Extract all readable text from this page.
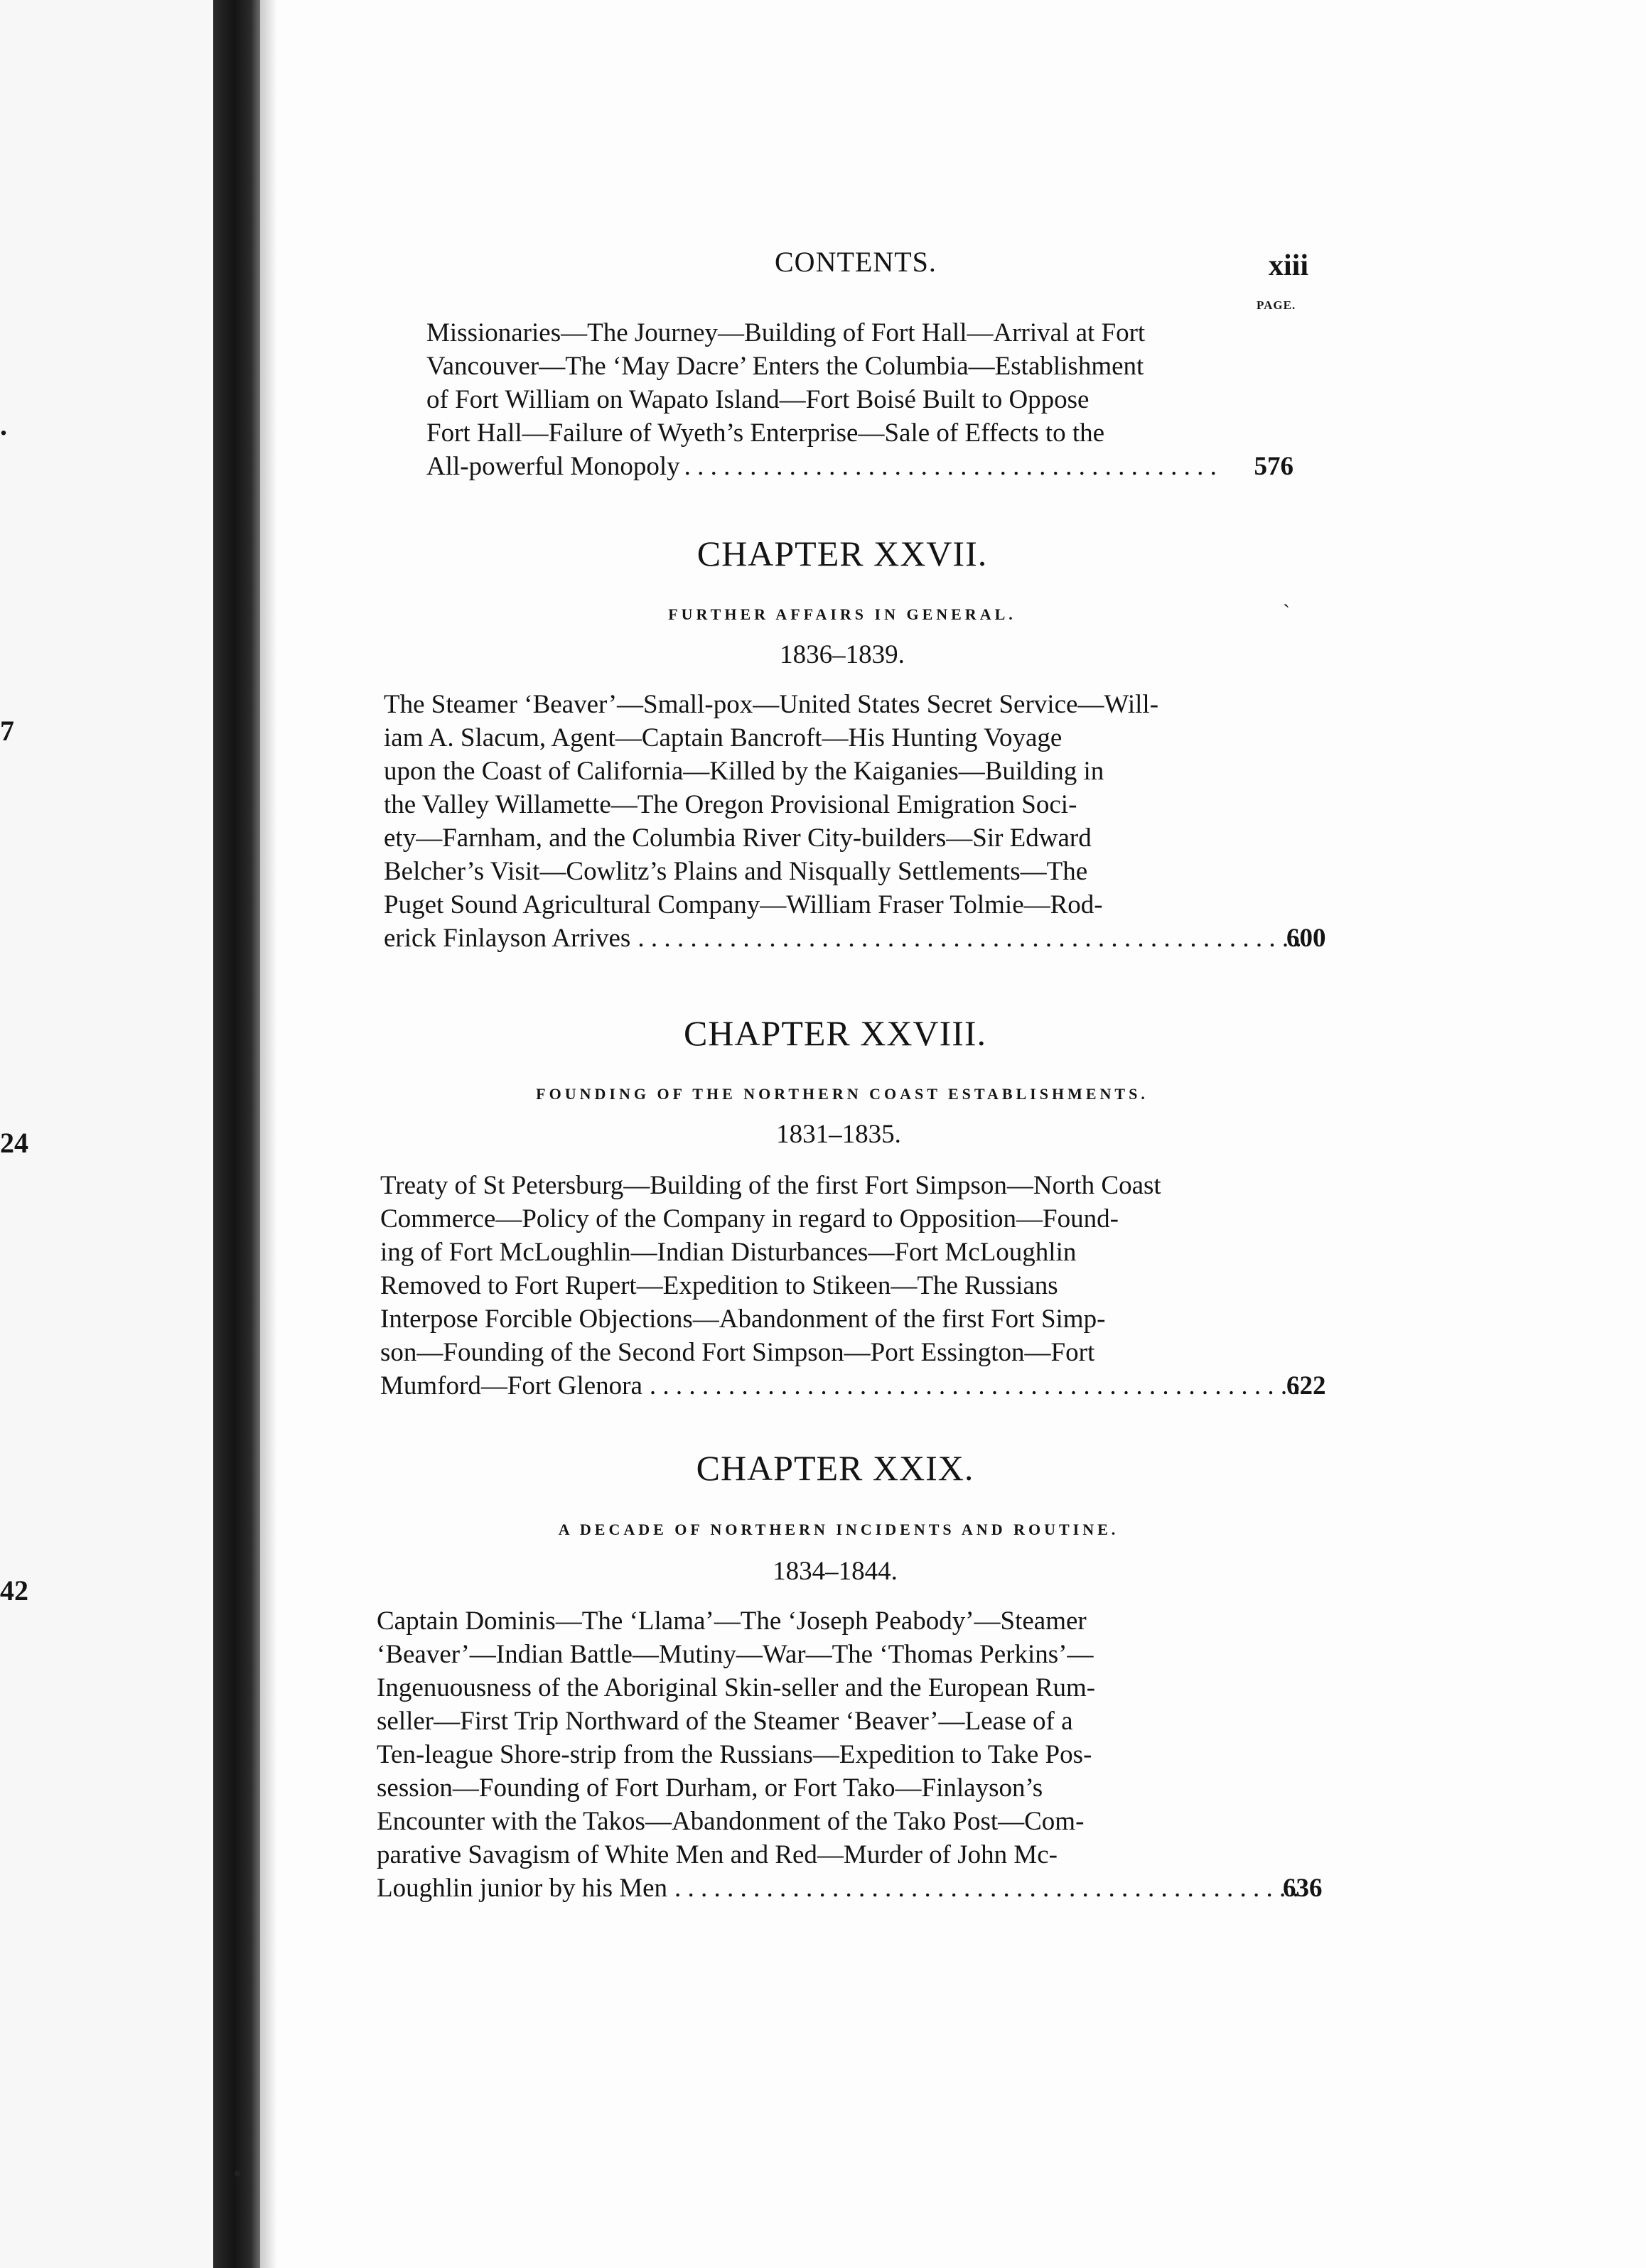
.
7
24
42
CONTENTS.	xiii
PAGE.
Missionaries—The Journey—Building of Fort Hall—Arrival at Fort
Vancouver—The ‘May Dacre’ Enters the Columbia—Establishment
of Fort William on Wapato Island—Fort Boisé Built to Oppose
Fort Hall—Failure of Wyeth’s Enterprise—Sale of Effects to the
All-powerful Monopoly . . .	576
`
CHAPTER XXVII.
FURTHER AFFAIRS IN GENERAL.
1836–1839.
The Steamer ‘Beaver’—Small-pox—United States Secret Service—Will-
iam A. Slacum, Agent—Captain Bancroft—His Hunting Voyage
upon the Coast of California—Killed by the Kaiganies—Building in
the Valley Willamette—The Oregon Provisional Emigration Soci-
ety—Farnham, and the Columbia River City-builders—Sir Edward
Belcher’s Visit—Cowlitz’s Plains and Nisqually Settlements—The
Puget Sound Agricultural Company—William Fraser Tolmie—Rod-
erick Finlayson Arrives . . .	600
CHAPTER XXVIII.
FOUNDING OF THE NORTHERN COAST ESTABLISHMENTS.
1831–1835.
Treaty of St Petersburg—Building of the first Fort Simpson—North Coast
Commerce—Policy of the Company in regard to Opposition—Found-
ing of Fort McLoughlin—Indian Disturbances—Fort McLoughlin
Removed to Fort Rupert—Expedition to Stikeen—The Russians
Interpose Forcible Objections—Abandonment of the first Fort Simp-
son—Founding of the Second Fort Simpson—Port Essington—Fort
Mumford—Fort Glenora . . .	622
CHAPTER XXIX.
A DECADE OF NORTHERN INCIDENTS AND ROUTINE.
1834–1844.
Captain Dominis—The ‘Llama’—The ‘Joseph Peabody’—Steamer
‘Beaver’—Indian Battle—Mutiny—War—The ‘Thomas Perkins’—
Ingenuousness of the Aboriginal Skin-seller and the European Rum-
seller—First Trip Northward of the Steamer ‘Beaver’—Lease of a
Ten-league Shore-strip from the Russians—Expedition to Take Pos-
session—Founding of Fort Durham, or Fort Tako—Finlayson’s
Encounter with the Takos—Abandonment of the Tako Post—Com-
parative Savagism of White Men and Red—Murder of John Mc-
Loughlin junior by his Men . . .	636
